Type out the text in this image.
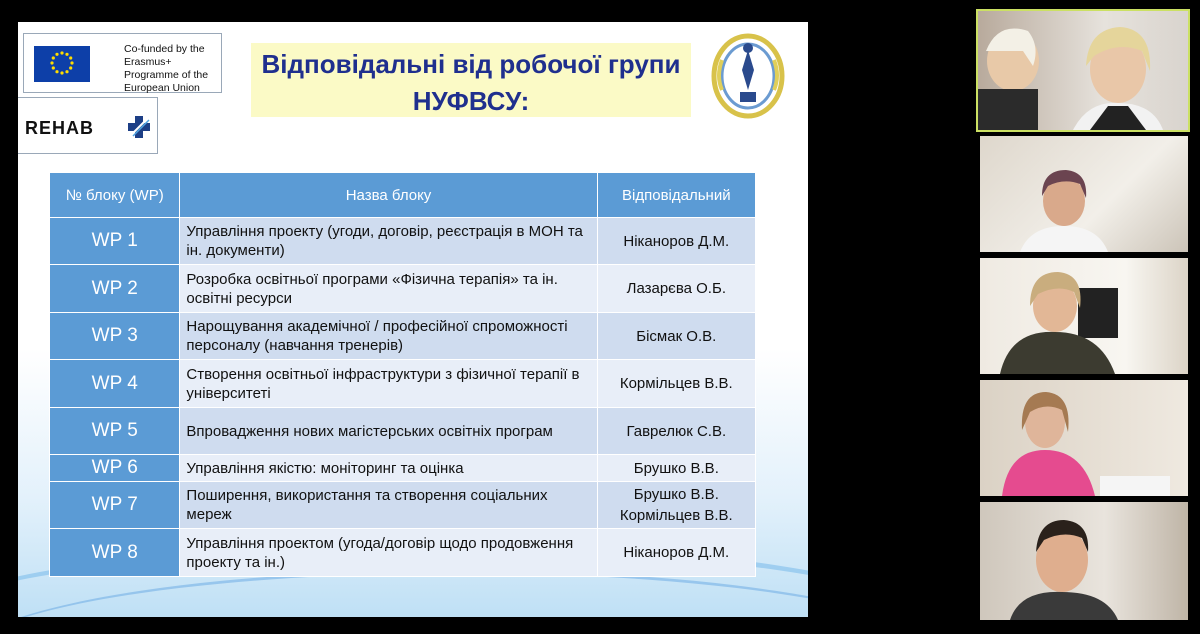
Co-funded by the Erasmus+ Programme of the European Union
REHAB
Відповідальні від робочої групи
НУФВСУ:
№ блоку (WP)	Назва блоку	Відповідальний
WP 1	Управління проекту (угоди, договір, реєстрація в МОН та ін. документи)	Ніканоров Д.М.
WP 2	Розробка освітньої програми «Фізична терапія» та ін. освітні ресурси	Лазарєва О.Б.
WP 3	Нарощування академічної / професійної спроможності персоналу (навчання тренерів)	Бісмак О.В.
WP 4	Створення освітньої інфраструктури з фізичної терапії в університеті	Кормільцев В.В.
WP 5	Впровадження нових магістерських освітніх програм	Гаврелюк С.В.
WP 6	Управління якістю: моніторинг та оцінка	Брушко В.В.
WP 7	Поширення, використання та створення соціальних мереж	Брушко В.В. Кормільцев В.В.
WP 8	Управління проектом (угода/договір щодо продовження проекту та ін.)	Ніканоров Д.М.
